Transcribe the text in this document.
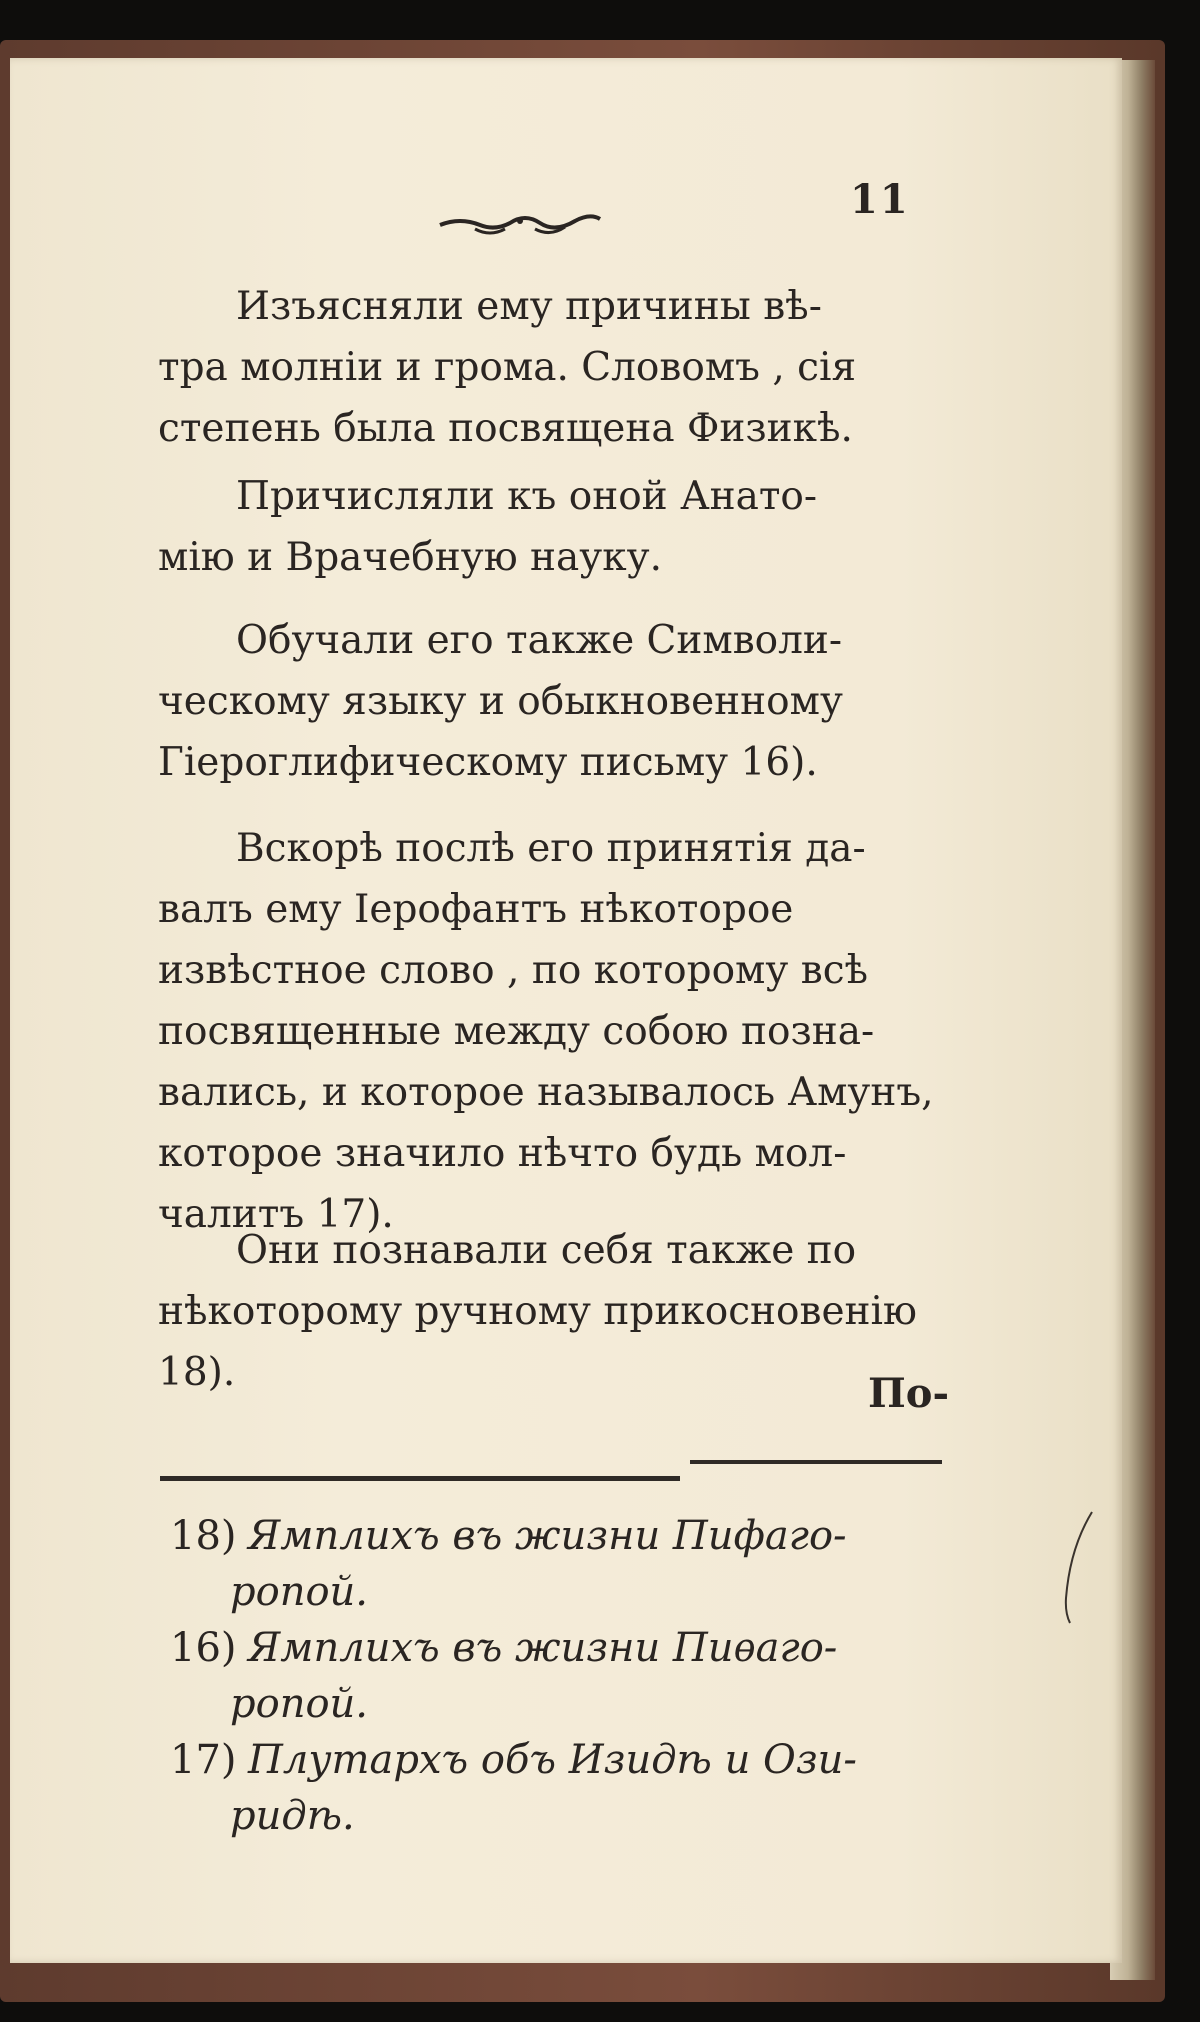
11

Изъясняли ему причины вѣ-
тра молнiи и грома. Словомъ , сiя
степень была посвящена Физикѣ.

Причисляли къ оной Анато-
мiю и Врачебную науку.

Обучали его также Символи-
ческому языку и обыкновенному
Гiероглифическому письму 16).

Вскорѣ послѣ его принятiя да-
валъ ему Iерофантъ нѣкоторое
извѣстное слово , по которому всѣ
посвященные между собою позна-
вались, и которое называлось Амунъ,
которое значило нѣчто будь мол-
чалитъ 17).

Они познавали себя также по
нѣкоторому ручному прикосновенiю
18).	По-
18) Ямплихъ въ жизни Пифаго-
ропой.
16) Ямплихъ въ жизни Пиѳаго-
ропой.
17) Плутархъ объ Изидѣ и Ози-
ридѣ.
